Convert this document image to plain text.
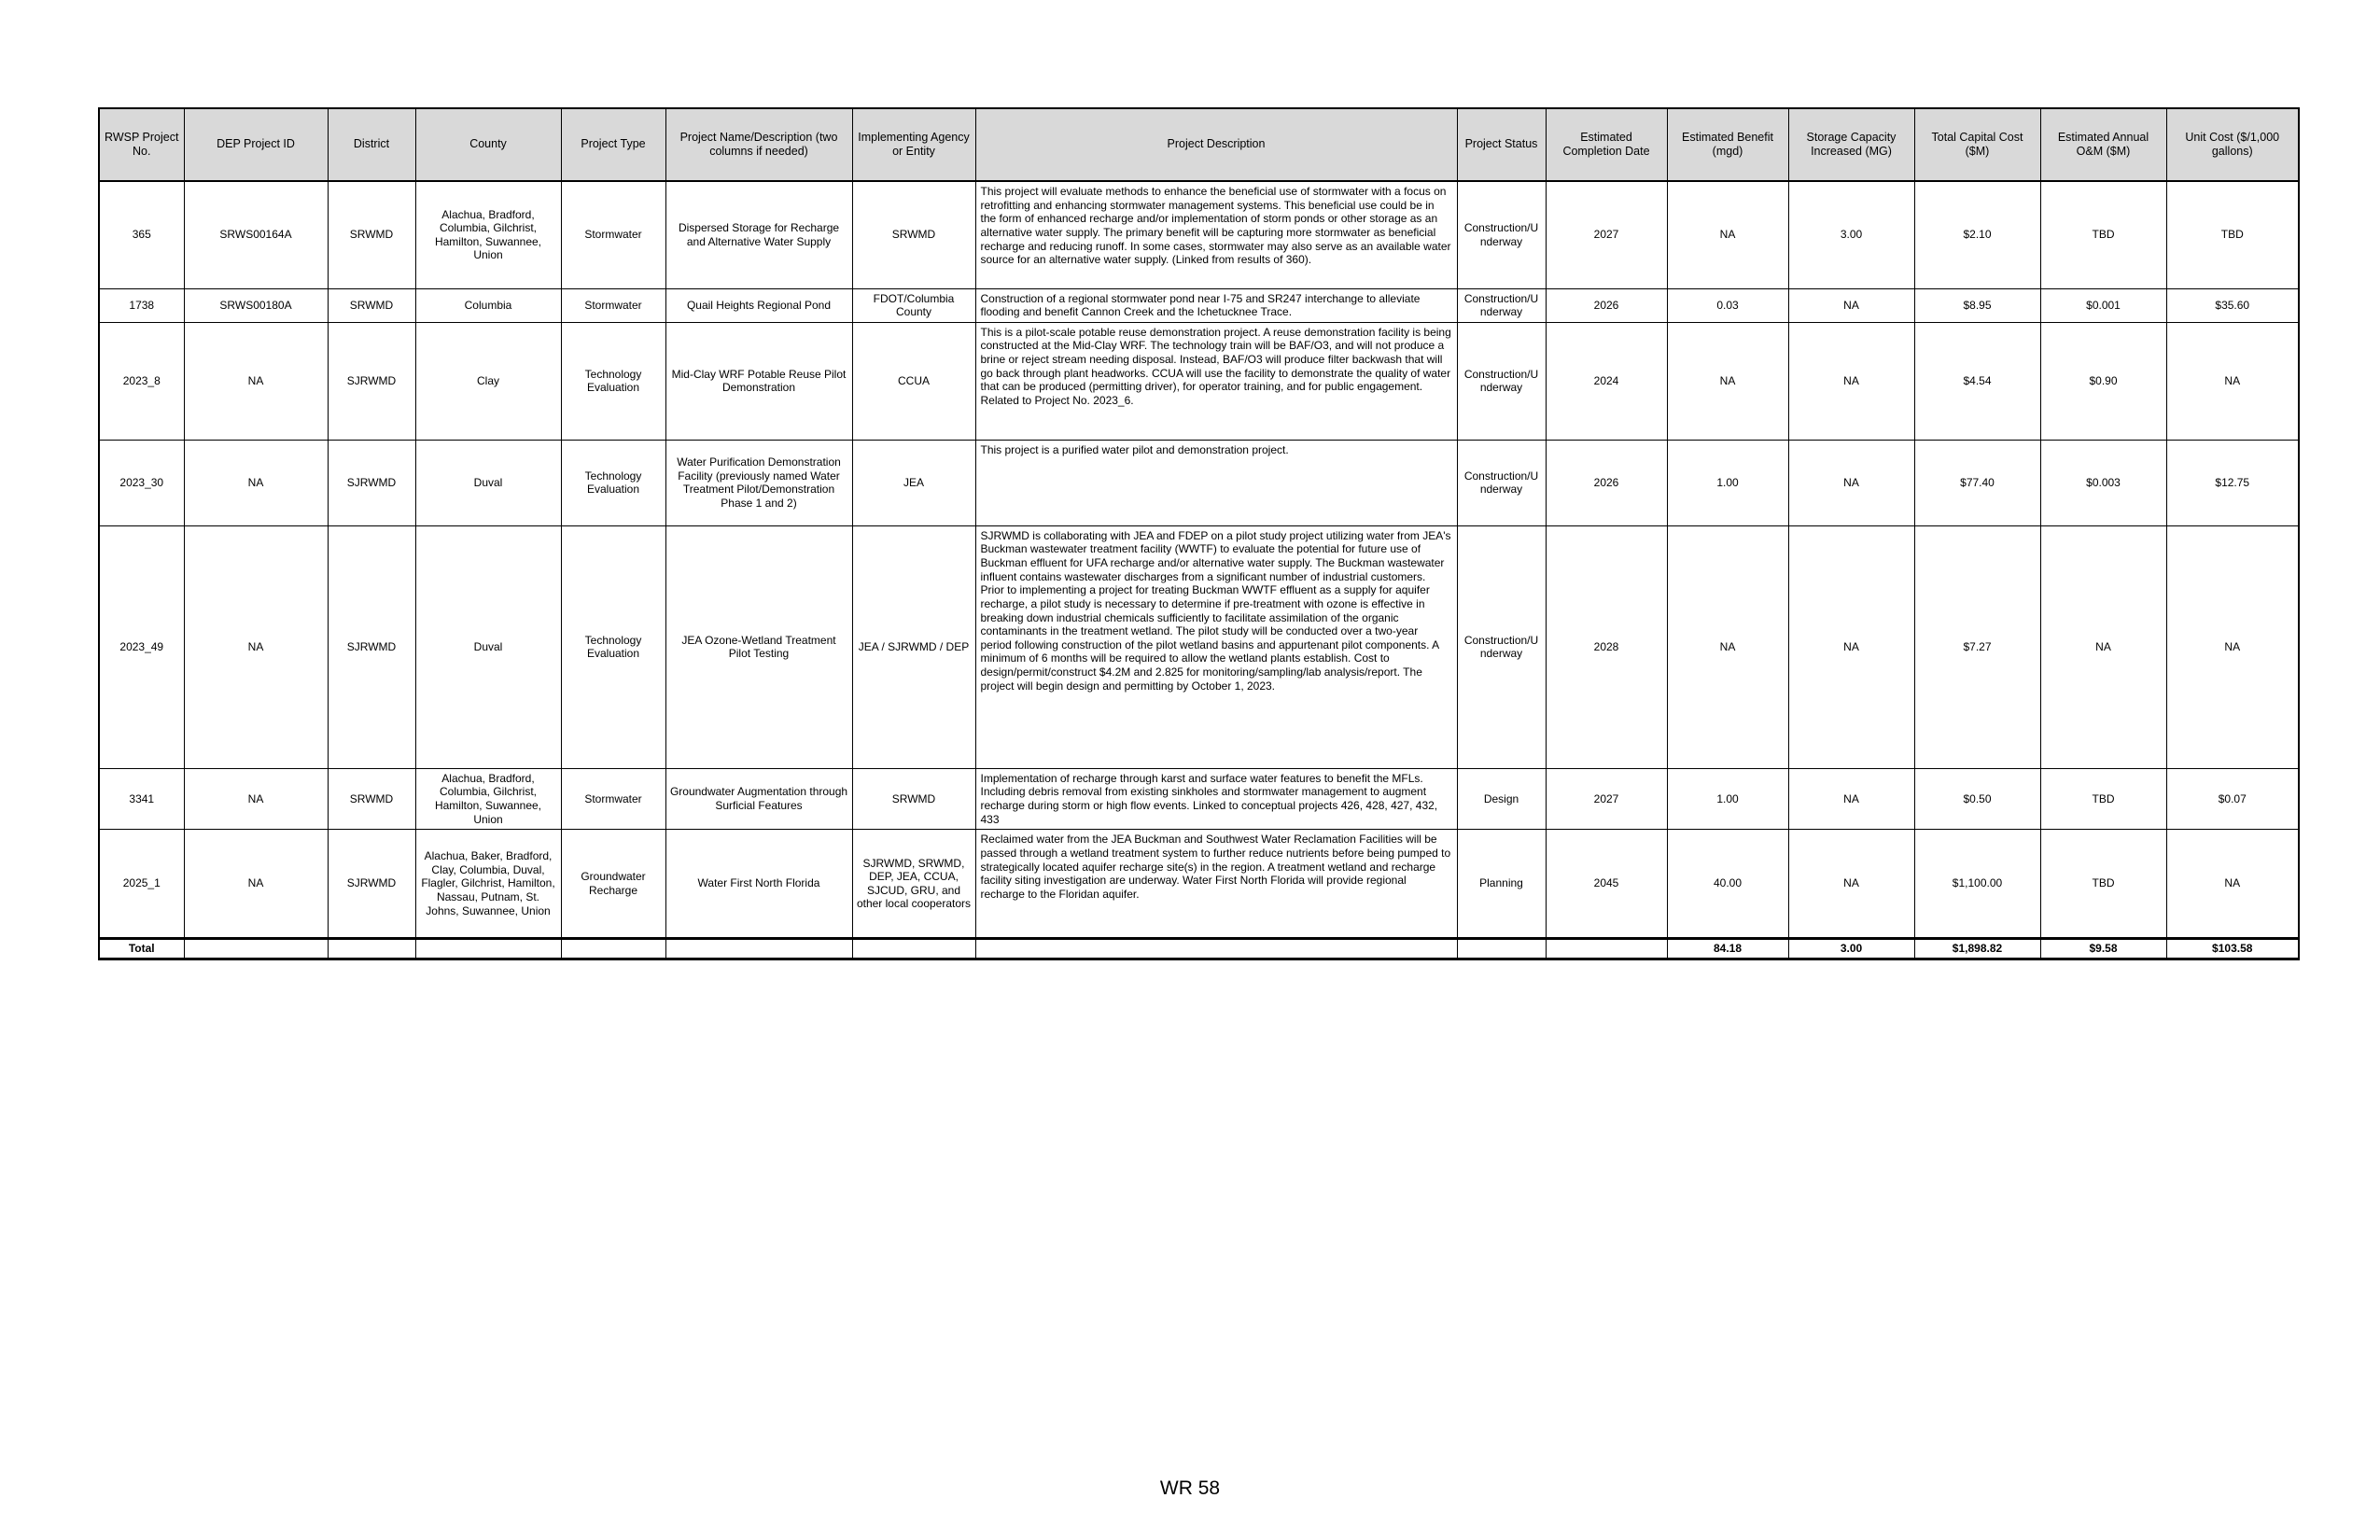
RWSP Project No.	DEP Project ID	District	County	Project Type	Project Name/Description (two columns if needed)	Implementing Agency or Entity	Project Description	Project Status	Estimated Completion Date	Estimated Benefit (mgd)	Storage Capacity Increased (MG)	Total Capital Cost ($M)	Estimated Annual O&M ($M)	Unit Cost ($/1,000 gallons)
365	SRWS00164A	SRWMD	Alachua, Bradford, Columbia, Gilchrist, Hamilton, Suwannee, Union	Stormwater	Dispersed Storage for Recharge and Alternative Water Supply	SRWMD	This project will evaluate methods to enhance the beneficial use of stormwater with a focus on retrofitting and enhancing stormwater management systems. This beneficial use could be in the form of enhanced recharge and/or implementation of storm ponds or other storage as an alternative water supply. The primary benefit will be capturing more stormwater as beneficial recharge and reducing runoff. In some cases, stormwater may also serve as an available water source for an alternative water supply. (Linked from results of 360).	Construction/Underway	2027	NA	3.00	$2.10	TBD	TBD
1738	SRWS00180A	SRWMD	Columbia	Stormwater	Quail Heights Regional Pond	FDOT/Columbia County	Construction of a regional stormwater pond near I-75 and SR247 interchange to alleviate flooding and benefit Cannon Creek and the Ichetucknee Trace.	Construction/Underway	2026	0.03	NA	$8.95	$0.001	$35.60
2023_8	NA	SJRWMD	Clay	Technology Evaluation	Mid-Clay WRF Potable Reuse Pilot Demonstration	CCUA	This is a pilot-scale potable reuse demonstration project. A reuse demonstration facility is being constructed at the Mid-Clay WRF. The technology train will be BAF/O3, and will not produce a brine or reject stream needing disposal. Instead, BAF/O3 will produce filter backwash that will go back through plant headworks. CCUA will use the facility to demonstrate the quality of water that can be produced (permitting driver), for operator training, and for public engagement. Related to Project No. 2023_6.	Construction/Underway	2024	NA	NA	$4.54	$0.90	NA
2023_30	NA	SJRWMD	Duval	Technology Evaluation	Water Purification Demonstration Facility (previously named Water Treatment Pilot/Demonstration Phase 1 and 2)	JEA	This project is a purified water pilot and demonstration project.	Construction/Underway	2026	1.00	NA	$77.40	$0.003	$12.75
2023_49	NA	SJRWMD	Duval	Technology Evaluation	JEA Ozone-Wetland Treatment Pilot Testing	JEA / SJRWMD / DEP	SJRWMD is collaborating with JEA and FDEP on a pilot study project utilizing water from JEA's Buckman wastewater treatment facility (WWTF) to evaluate the potential for future use of Buckman effluent for UFA recharge and/or alternative water supply. The Buckman wastewater influent contains wastewater discharges from a significant number of industrial customers. Prior to implementing a project for treating Buckman WWTF effluent as a supply for aquifer recharge, a pilot study is necessary to determine if pre-treatment with ozone is effective in breaking down industrial chemicals sufficiently to facilitate assimilation of the organic contaminants in the treatment wetland. The pilot study will be conducted over a two-year period following construction of the pilot wetland basins and appurtenant pilot components. A minimum of 6 months will be required to allow the wetland plants establish. Cost to design/permit/construct $4.2M and 2.825 for monitoring/sampling/lab analysis/report. The project will begin design and permitting by October 1, 2023.	Construction/Underway	2028	NA	NA	$7.27	NA	NA
3341	NA	SRWMD	Alachua, Bradford, Columbia, Gilchrist, Hamilton, Suwannee, Union	Stormwater	Groundwater Augmentation through Surficial Features	SRWMD	Implementation of recharge through karst and surface water features to benefit the MFLs. Including debris removal from existing sinkholes and stormwater management to augment recharge during storm or high flow events. Linked to conceptual projects 426, 428, 427, 432, 433	Design	2027	1.00	NA	$0.50	TBD	$0.07
2025_1	NA	SJRWMD	Alachua, Baker, Bradford, Clay, Columbia, Duval, Flagler, Gilchrist, Hamilton, Nassau, Putnam, St. Johns, Suwannee, Union	Groundwater Recharge	Water First North Florida	SJRWMD, SRWMD, DEP, JEA, CCUA, SJCUD, GRU, and other local cooperators	Reclaimed water from the JEA Buckman and Southwest Water Reclamation Facilities will be passed through a wetland treatment system to further reduce nutrients before being pumped to strategically located aquifer recharge site(s) in the region. A treatment wetland and recharge facility siting investigation are underway. Water First North Florida will provide regional recharge to the Floridan aquifer.	Planning	2045	40.00	NA	$1,100.00	TBD	NA
Total										84.18	3.00	$1,898.82	$9.58	$103.58
WR 58
